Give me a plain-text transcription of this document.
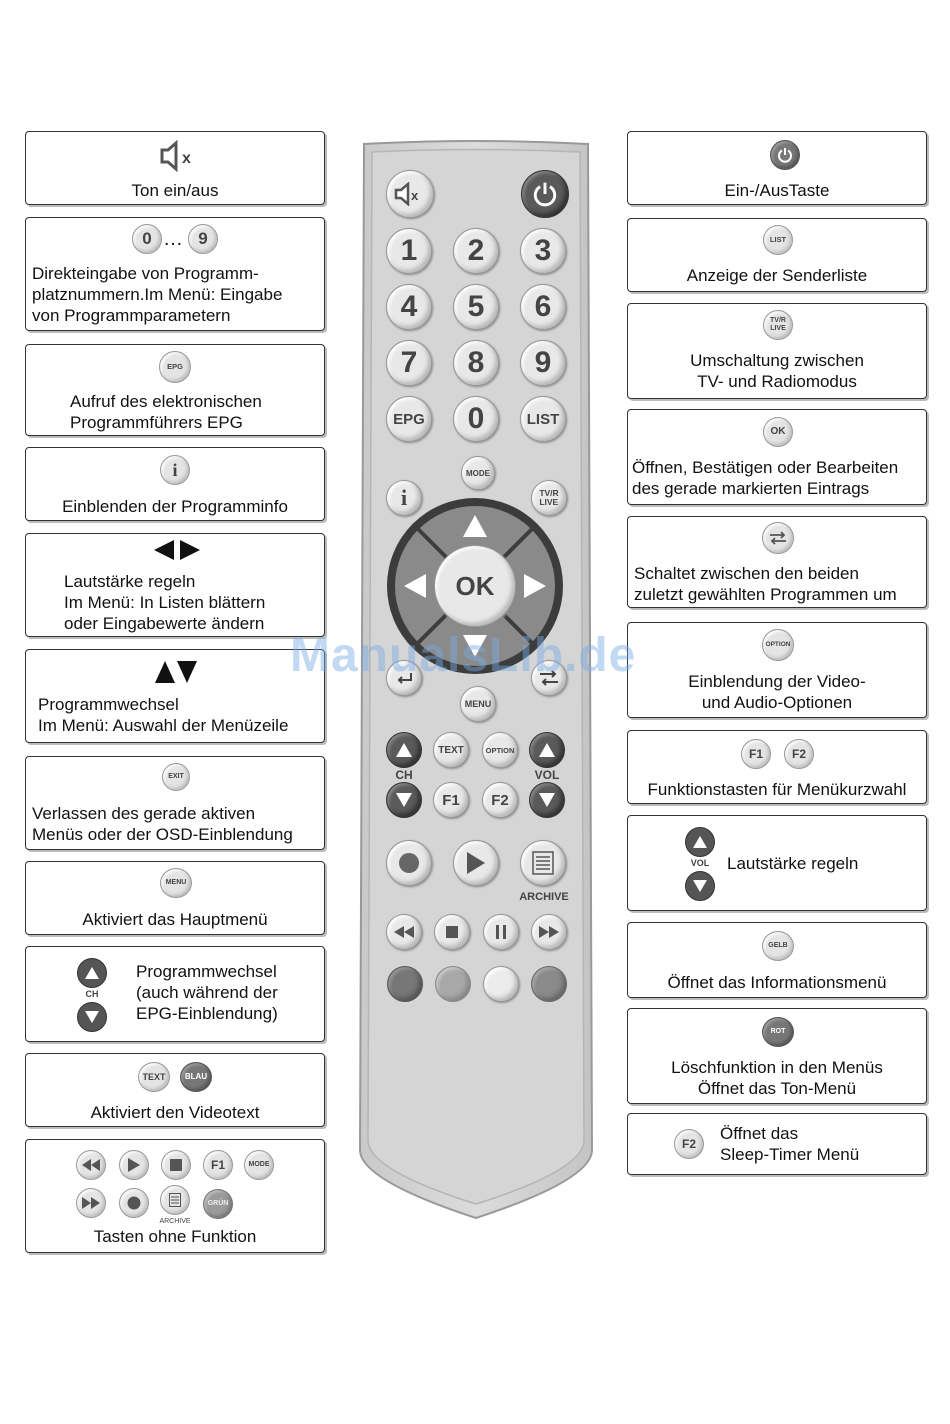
x
Ton ein/aus
0 … 9
Direkteingabe von Programm-
platznummern.Im Menü: Eingabe
von Programmparametern
EPG
Aufruf des elektronischen
Programmführers EPG
i
Einblenden der Programminfo
Lautstärke regeln
Im Menü: In Listen blättern
oder Eingabewerte ändern
Programmwechsel
Im Menü: Auswahl der Menüzeile
EXIT
Verlassen des gerade aktiven
Menüs oder der OSD-Einblendung
MENU
Aktiviert das Hauptmenü
CH
Programmwechsel
(auch während der
EPG-Einblendung)
TEXT	BLAU
Aktiviert den Videotext
F1	MODE
ARCHIVE
GRÜN
Tasten ohne Funktion
Ein-/AusTaste
LIST
Anzeige der Senderliste
TV/R
LIVE
Umschaltung zwischen
TV- und Radiomodus
OK
Öffnen, Bestätigen oder Bearbeiten
des gerade markierten Eintrags
Schaltet zwischen den beiden
zuletzt gewählten Programmen um
OPTION
Einblendung der Video-
und Audio-Optionen
F1	F2
Funktionstasten für Menükurzwahl
VOL	Lautstärke regeln
GELB
Öffnet das Informationsmenü
ROT
Löschfunktion in den Menüs
Öffnet das Ton-Menü
F2
Öffnet das
Sleep-Timer Menü
x
1	2	3
4	5	6
7	8	9
EPG	0	LIST
MODE
i	TV/R
LIVE
OK
MENU
CH
TEXT	OPTION
VOL
F1	F2
ARCHIVE
ManualsLib.de
